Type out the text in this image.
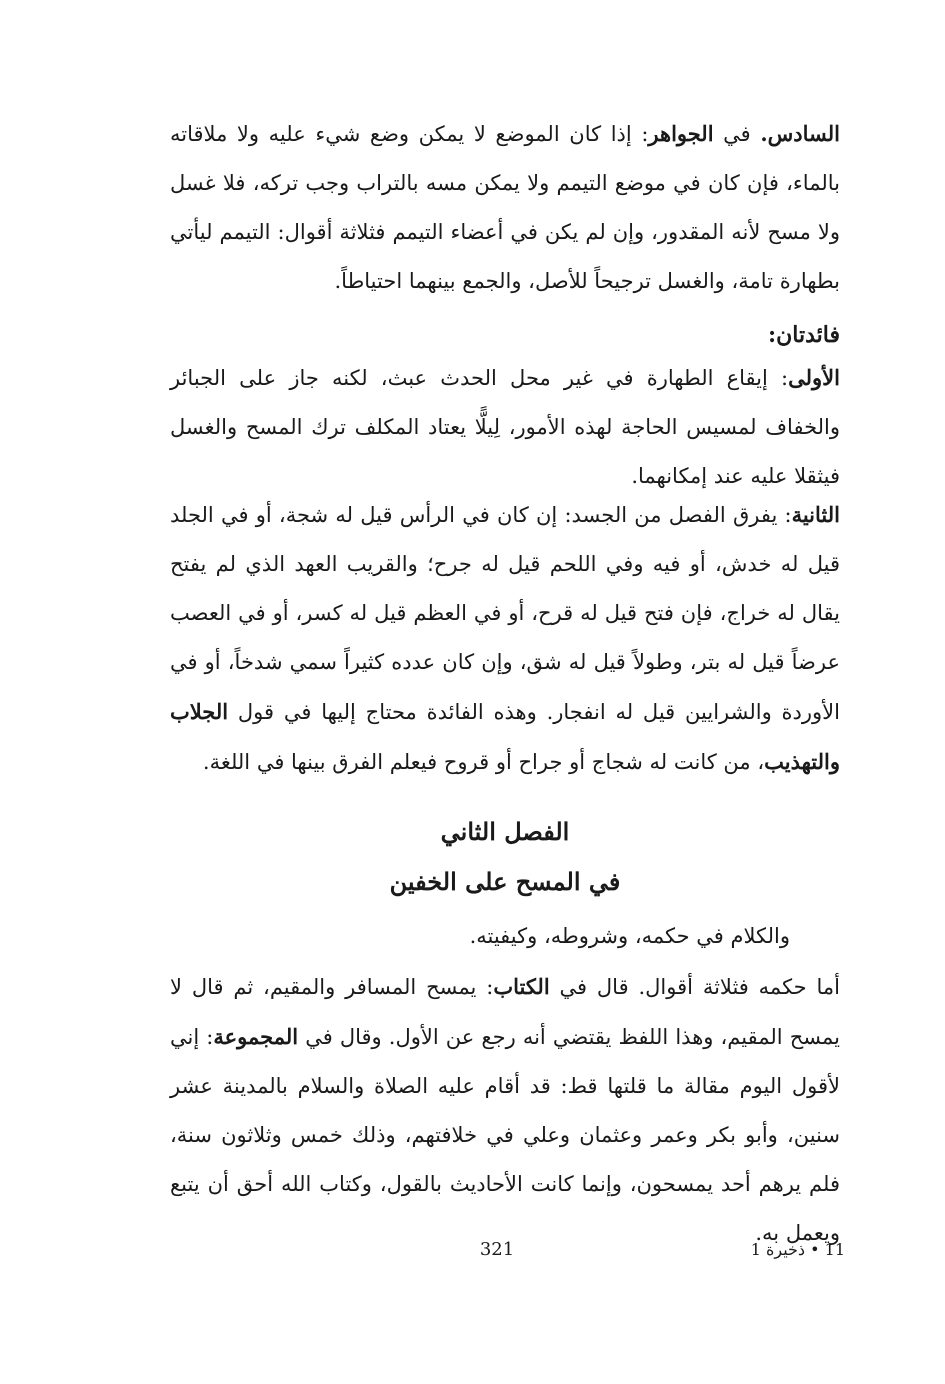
السادس. في الجواهر: إذا كان الموضع لا يمكن وضع شيء عليه ولا ملاقاته بالماء، فإن كان في موضع التيمم ولا يمكن مسه بالتراب وجب تركه، فلا غسل ولا مسح لأنه المقدور، وإن لم يكن في أعضاء التيمم فثلاثة أقوال: التيمم ليأتي بطهارة تامة، والغسل ترجيحاً للأصل، والجمع بينهما احتياطاً.

فائدتان:

الأولى: إيقاع الطهارة في غير محل الحدث عبث، لكنه جاز على الجبائر والخفاف لمسيس الحاجة لهذه الأمور، لِيلًّا يعتاد المكلف ترك المسح والغسل فيثقلا عليه عند إمكانهما.

الثانية: يفرق الفصل من الجسد: إن كان في الرأس قيل له شجة، أو في الجلد قيل له خدش، أو فيه وفي اللحم قيل له جرح؛ والقريب العهد الذي لم يفتح يقال له خراج، فإن فتح قيل له قرح، أو في العظم قيل له كسر، أو في العصب عرضاً قيل له بتر، وطولاً قيل له شق، وإن كان عدده كثيراً سمي شدخاً، أو في الأوردة والشرايين قيل له انفجار. وهذه الفائدة محتاج إليها في قول الجلاب والتهذيب، من كانت له شجاج أو جراح أو قروح فيعلم الفرق بينها في اللغة.

الفصل الثاني
في المسح على الخفين
والكلام في حكمه، وشروطه، وكيفيته.

أما حكمه فثلاثة أقوال. قال في الكتاب: يمسح المسافر والمقيم، ثم قال لا يمسح المقيم، وهذا اللفظ يقتضي أنه رجع عن الأول. وقال في المجموعة: إني لأقول اليوم مقالة ما قلتها قط: قد أقام عليه الصلاة والسلام بالمدينة عشر سنين، وأبو بكر وعمر وعثمان وعلي في خلافتهم، وذلك خمس وثلاثون سنة، فلم يرهم أحد يمسحون، وإنما كانت الأحاديث بالقول، وكتاب الله أحق أن يتبع ويعمل به.

321	11 • ذخيرة 1
